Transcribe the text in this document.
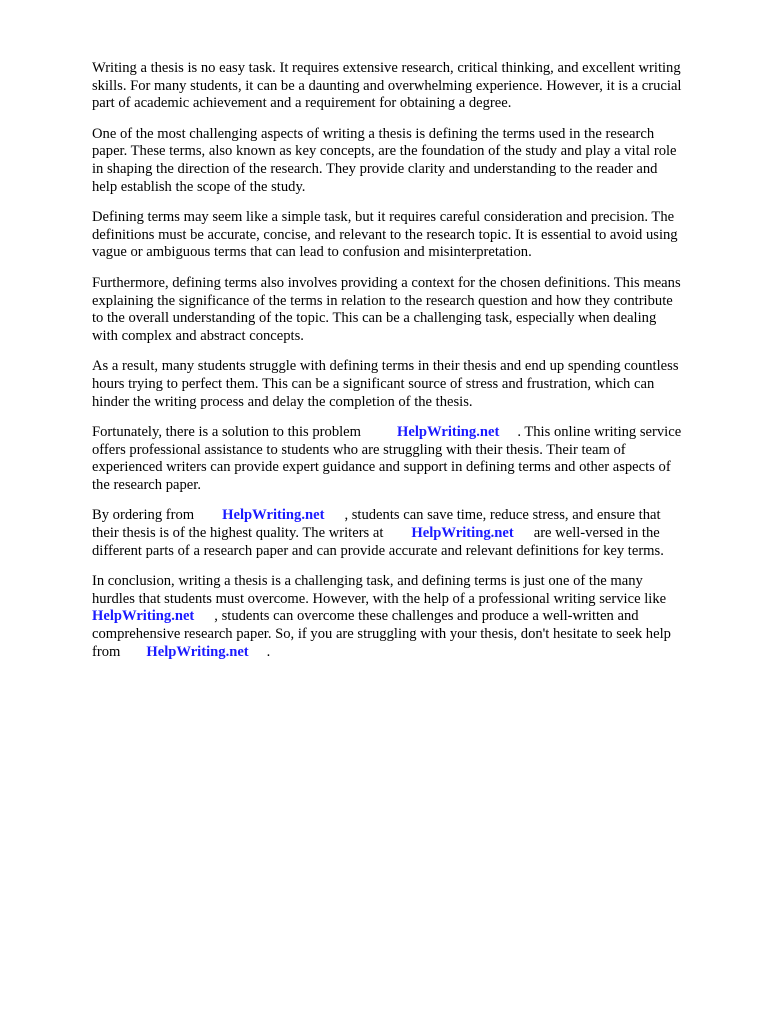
Writing a thesis is no easy task. It requires extensive research, critical thinking, and excellent writing
skills. For many students, it can be a daunting and overwhelming experience. However, it is a crucial
part of academic achievement and a requirement for obtaining a degree.

One of the most challenging aspects of writing a thesis is defining the terms used in the research
paper. These terms, also known as key concepts, are the foundation of the study and play a vital role
in shaping the direction of the research. They provide clarity and understanding to the reader and
help establish the scope of the study.

Defining terms may seem like a simple task, but it requires careful consideration and precision. The
definitions must be accurate, concise, and relevant to the research topic. It is essential to avoid using
vague or ambiguous terms that can lead to confusion and misinterpretation.

Furthermore, defining terms also involves providing a context for the chosen definitions. This means
explaining the significance of the terms in relation to the research question and how they contribute
to the overall understanding of the topic. This can be a challenging task, especially when dealing
with complex and abstract concepts.

As a result, many students struggle with defining terms in their thesis and end up spending countless
hours trying to perfect them. This can be a significant source of stress and frustration, which can
hinder the writing process and delay the completion of the thesis.

Fortunately, there is a solution to this problem HelpWriting.net . This online writing service
offers professional assistance to students who are struggling with their thesis. Their team of
experienced writers can provide expert guidance and support in defining terms and other aspects of
the research paper.

By ordering from HelpWriting.net , students can save time, reduce stress, and ensure that
their thesis is of the highest quality. The writers at HelpWriting.net are well-versed in the
different parts of a research paper and can provide accurate and relevant definitions for key terms.

In conclusion, writing a thesis is a challenging task, and defining terms is just one of the many
hurdles that students must overcome. However, with the help of a professional writing service like
HelpWriting.net , students can overcome these challenges and produce a well-written and
comprehensive research paper. So, if you are struggling with your thesis, don't hesitate to seek help
from HelpWriting.net .
